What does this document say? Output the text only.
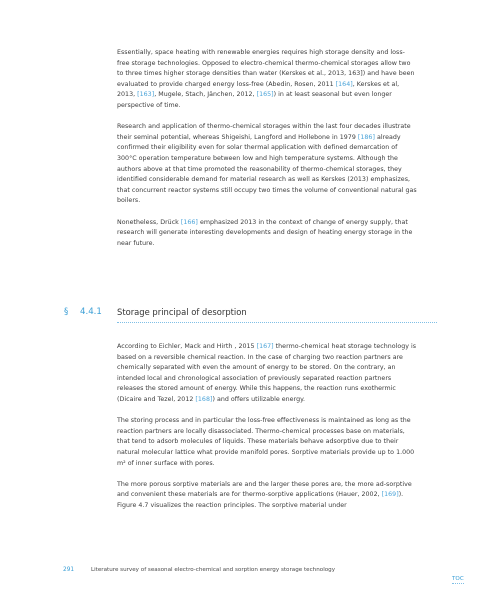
Essentially, space heating with renewable energies requires high storage density and loss-free storage technologies. Opposed to electro-chemical thermo-chemical storages allow two to three times higher storage densities than water (Kerskes et al., 2013, 163]) and have been evaluated to provide charged energy loss-free (Abedin, Rosen, 2011 [164], Kerskes et al, 2013, [163], Mugele, Stach, Jänchen, 2012, [165]) in at least seasonal but even longer perspective of time.

Research and application of thermo-chemical storages within the last four decades illustrate their seminal potential, whereas Shigeishi, Langford and Hollebone in 1979 [186] already confirmed their eligibility even for solar thermal application with defined demarcation of 300°C operation temperature between low and high temperature systems. Although the authors above at that time promoted the reasonability of thermo-chemical storages, they identified considerable demand for material research as well as Kerskes (2013) emphasizes, that concurrent reactor systems still occupy two times the volume of conventional natural gas boilers.

Nonetheless, Drück [166] emphasized 2013 in the context of change of energy supply, that research will generate interesting developments and design of heating energy storage in the near future.

§ 4.4.1 Storage principal of desorption

According to Eichler, Mack and Hirth , 2015 [167] thermo-chemical heat storage technology is based on a reversible chemical reaction. In the case of charging two reaction partners are chemically separated with even the amount of energy to be stored. On the contrary, an intended local and chronological association of previously separated reaction partners releases the stored amount of energy. While this happens, the reaction runs exothermic (Dicaire and Tezel, 2012 [168]) and offers utilizable energy.

The storing process and in particular the loss-free effectiveness is maintained as long as the reaction partners are locally disassociated. Thermo-chemical processes base on materials, that tend to adsorb molecules of liquids. These materials behave adsorptive due to their natural molecular lattice what provide manifold pores. Sorptive materials provide up to 1.000 m² of inner surface with pores.

The more porous sorptive materials are and the larger these pores are, the more ad-sorptive and convenient these materials are for thermo-sorptive applications (Hauer, 2002, [169]). Figure 4.7 visualizes the reaction principles. The sorptive material under

291	Literature survey of seasonal electro-chemical and sorption energy storage technology
TOC
